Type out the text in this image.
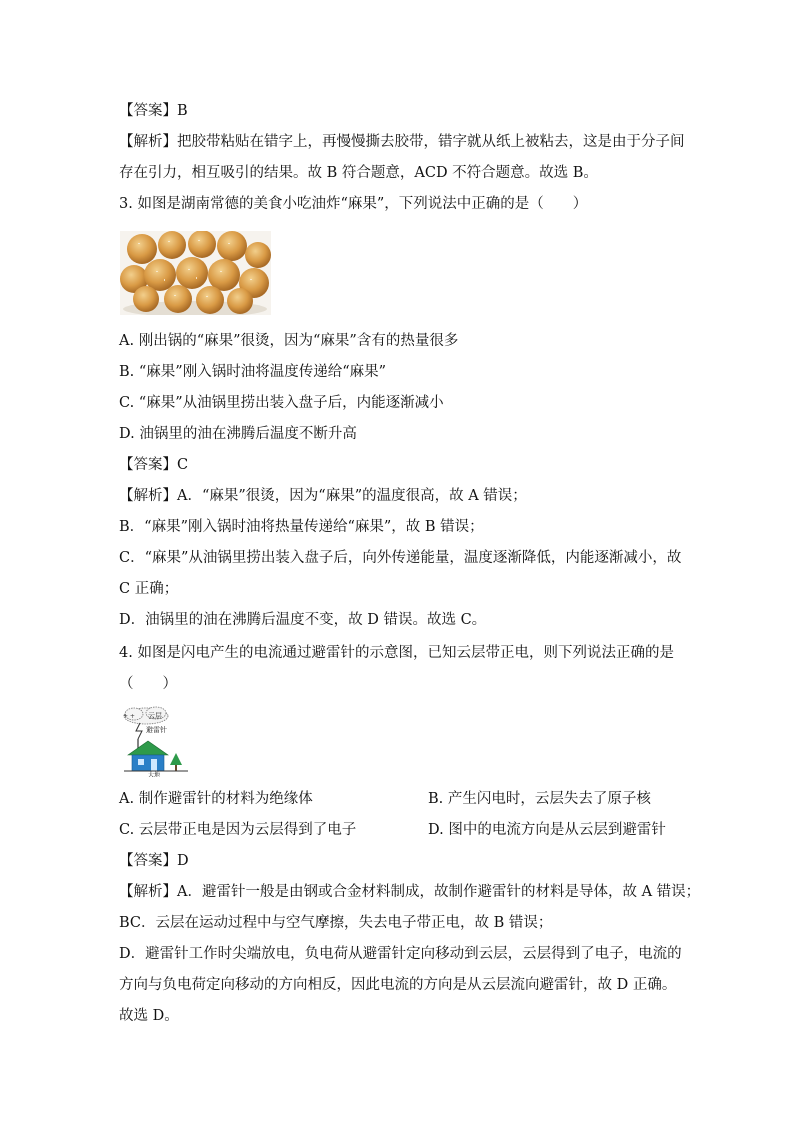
【答案】B
【解析】把胶带粘贴在错字上，再慢慢撕去胶带，错字就从纸上被粘去，这是由于分子间
存在引力，相互吸引的结果。故 B 符合题意，ACD 不符合题意。故选 B。
3. 如图是湖南常德的美食小吃油炸“麻果”，下列说法中正确的是（　　）
A. 刚出锅的“麻果”很烫，因为“麻果”含有的热量很多
B. “麻果”刚入锅时油将温度传递给“麻果”
C. “麻果”从油锅里捞出装入盘子后，内能逐渐减小
D. 油锅里的油在沸腾后温度不断升高
【答案】C
【解析】A．“麻果”很烫，因为“麻果”的温度很高，故 A 错误；
B．“麻果”刚入锅时油将热量传递给“麻果”，故 B 错误；
C．“麻果”从油锅里捞出装入盘子后，向外传递能量，温度逐渐降低，内能逐渐减小，故
C 正确；
D．油锅里的油在沸腾后温度不变，故 D 错误。故选 C。
4. 如图是闪电产生的电流通过避雷针的示意图，已知云层带正电，则下列说法正确的是
（　　）
+ + 云层
避雷针
大地
A. 制作避雷针的材料为绝缘体	B. 产生闪电时，云层失去了原子核
C. 云层带正电是因为云层得到了电子	D. 图中的电流方向是从云层到避雷针
【答案】D
【解析】A．避雷针一般是由钢或合金材料制成，故制作避雷针的材料是导体，故 A 错误；
BC．云层在运动过程中与空气摩擦，失去电子带正电，故 B 错误；
D．避雷针工作时尖端放电，负电荷从避雷针定向移动到云层，云层得到了电子，电流的
方向与负电荷定向移动的方向相反，因此电流的方向是从云层流向避雷针，故 D 正确。
故选 D。
